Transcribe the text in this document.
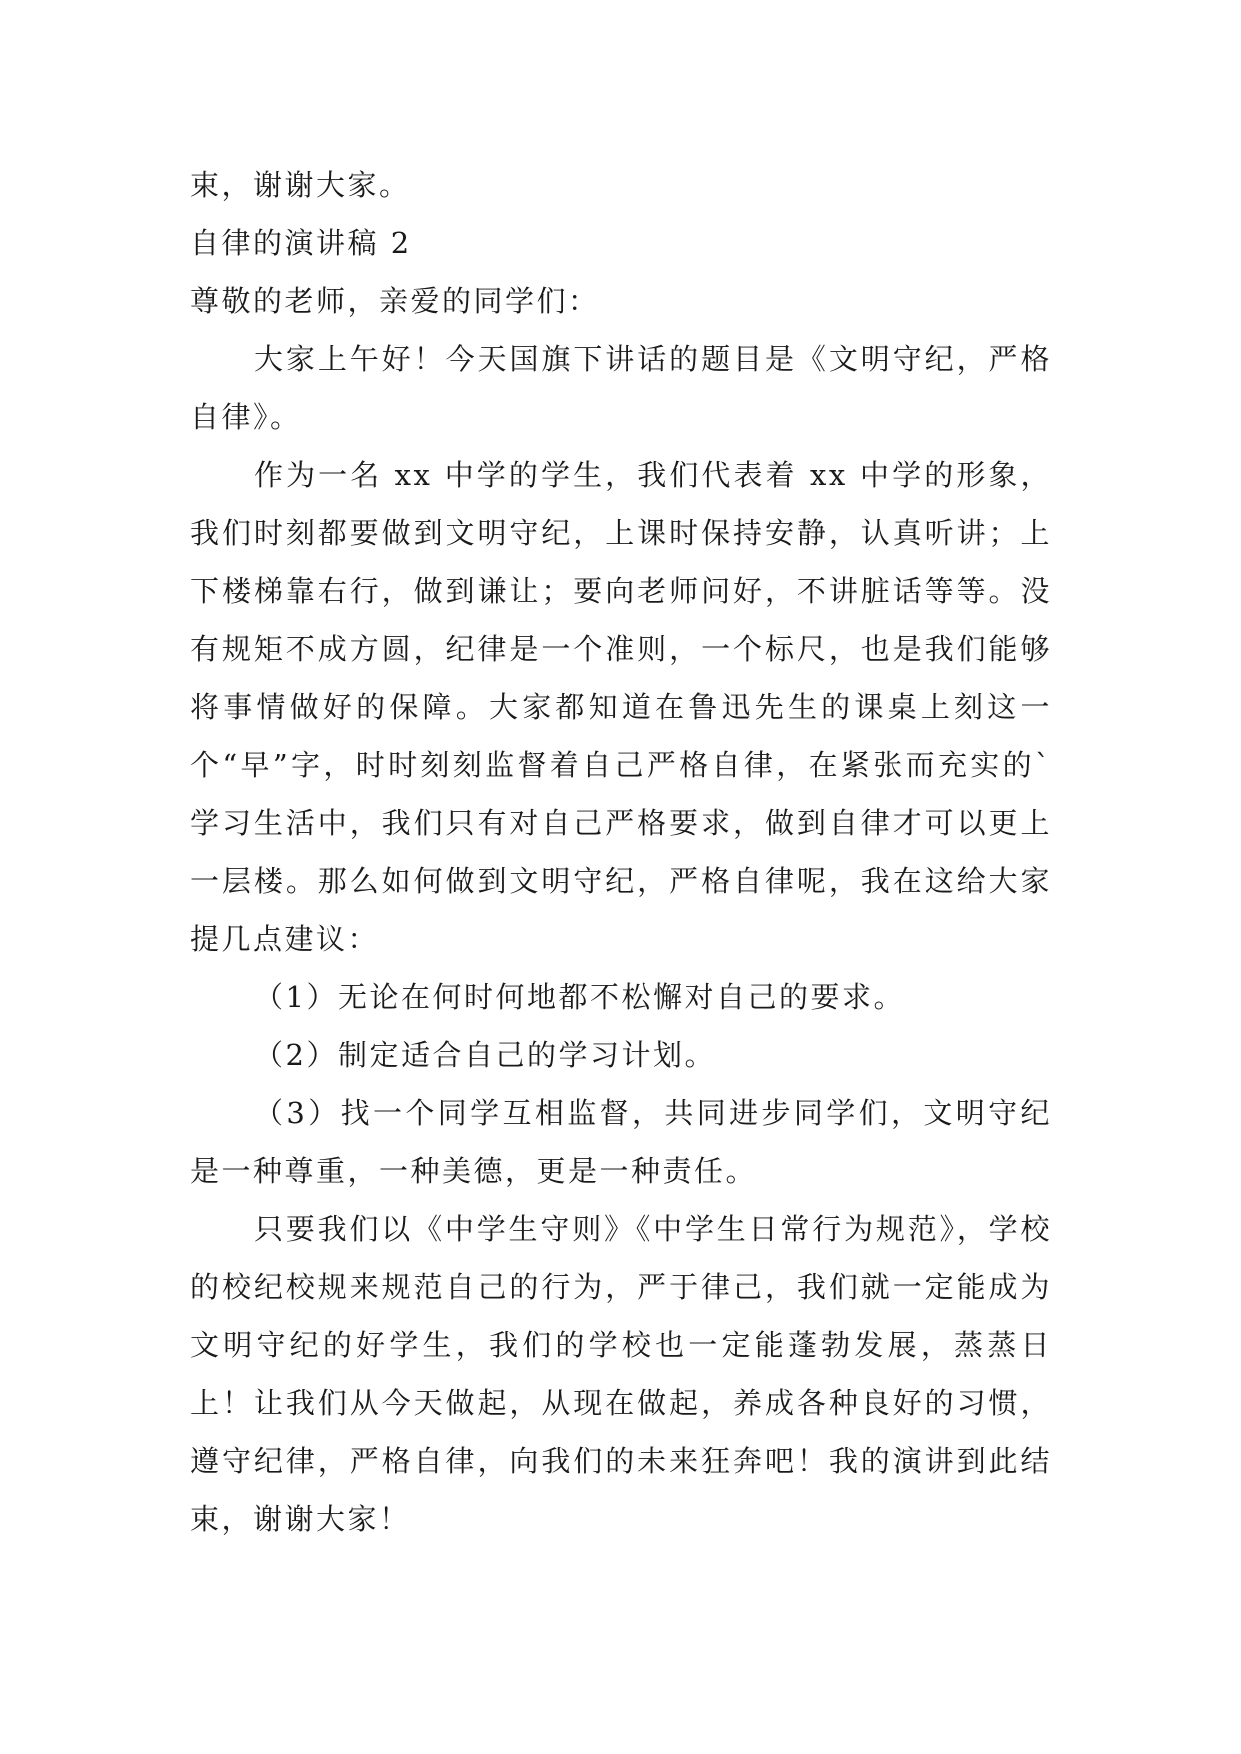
束，谢谢大家。

自律的演讲稿 2

尊敬的老师，亲爱的同学们：

大家上午好！今天国旗下讲话的题目是《文明守纪，严格自律》。

作为一名 xx 中学的学生，我们代表着 xx 中学的形象，我们时刻都要做到文明守纪，上课时保持安静，认真听讲；上下楼梯靠右行，做到谦让；要向老师问好，不讲脏话等等。没有规矩不成方圆，纪律是一个准则，一个标尺，也是我们能够将事情做好的保障。大家都知道在鲁迅先生的课桌上刻这一个“早”字，时时刻刻监督着自己严格自律，在紧张而充实的`学习生活中，我们只有对自己严格要求，做到自律才可以更上一层楼。那么如何做到文明守纪，严格自律呢，我在这给大家提几点建议：

（1）无论在何时何地都不松懈对自己的要求。

（2）制定适合自己的学习计划。

（3）找一个同学互相监督，共同进步同学们，文明守纪是一种尊重，一种美德，更是一种责任。

只要我们以《中学生守则》《中学生日常行为规范》，学校的校纪校规来规范自己的行为，严于律己，我们就一定能成为文明守纪的好学生，我们的学校也一定能蓬勃发展，蒸蒸日上！让我们从今天做起，从现在做起，养成各种良好的习惯，遵守纪律，严格自律，向我们的未来狂奔吧！我的演讲到此结束，谢谢大家！
